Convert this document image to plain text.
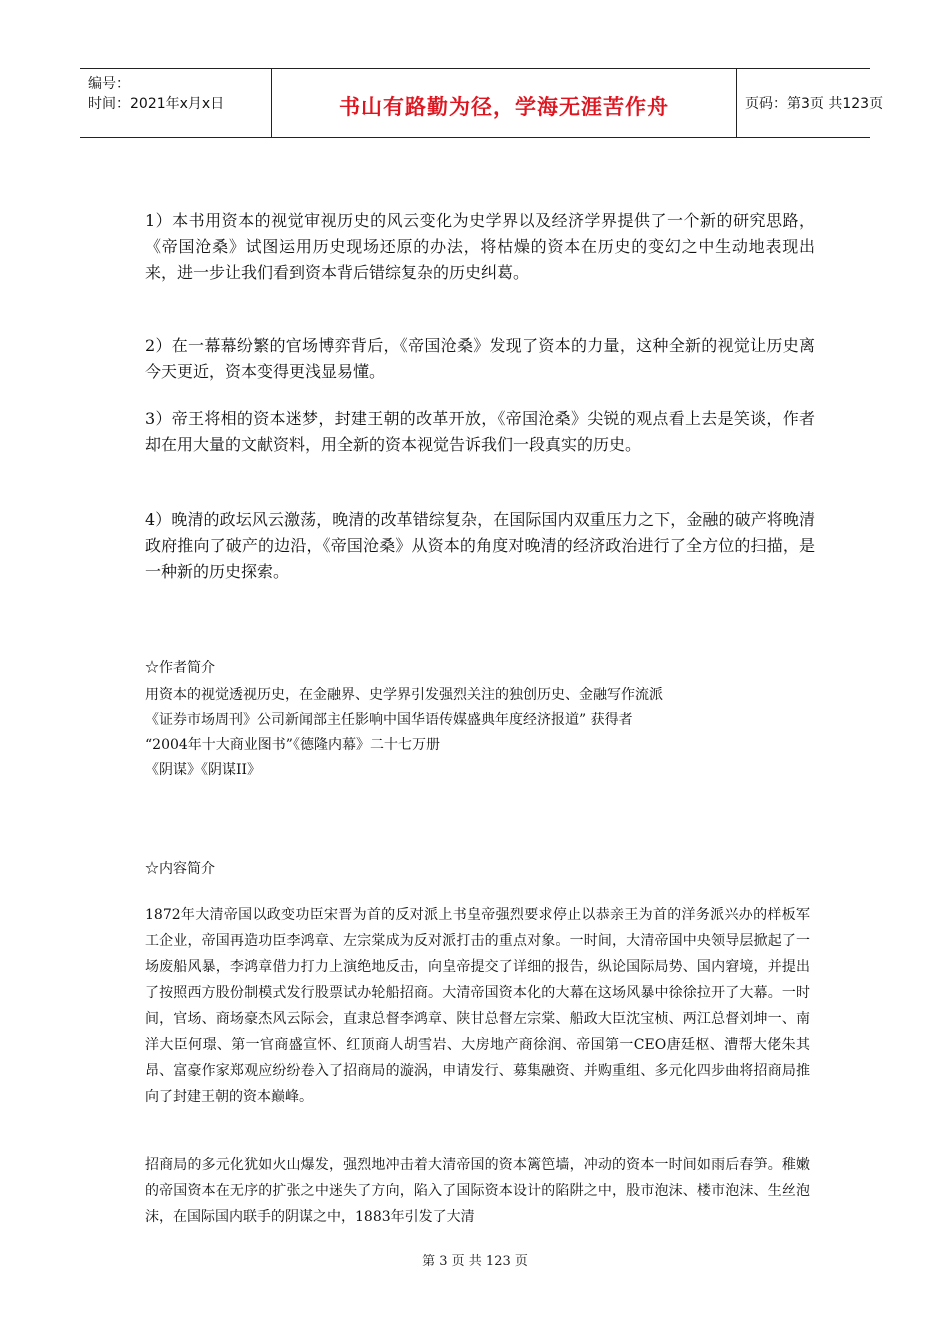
编号：
时间：2021年x月x日	书山有路勤为径，学海无涯苦作舟	页码：第3页 共123页

1）本书用资本的视觉审视历史的风云变化为史学界以及经济学界提供了一个新的研究思路，《帝国沧桑》试图运用历史现场还原的办法，将枯燥的资本在历史的变幻之中生动地表现出来，进一步让我们看到资本背后错综复杂的历史纠葛。

2）在一幕幕纷繁的官场博弈背后，《帝国沧桑》发现了资本的力量，这种全新的视觉让历史离今天更近，资本变得更浅显易懂。

3）帝王将相的资本迷梦，封建王朝的改革开放，《帝国沧桑》尖锐的观点看上去是笑谈，作者却在用大量的文献资料，用全新的资本视觉告诉我们一段真实的历史。

4）晚清的政坛风云激荡，晚清的改革错综复杂，在国际国内双重压力之下，金融的破产将晚清政府推向了破产的边沿，《帝国沧桑》从资本的角度对晚清的经济政治进行了全方位的扫描，是一种新的历史探索。

☆作者简介

用资本的视觉透视历史，在金融界、史学界引发强烈关注的独创历史、金融写作流派

《证券市场周刊》公司新闻部主任影响中国华语传媒盛典年度经济报道” 获得者

“2004年十大商业图书”《德隆内幕》二十七万册

《阴谋》《阴谋II》

☆内容简介

1872年大清帝国以政变功臣宋晋为首的反对派上书皇帝强烈要求停止以恭亲王为首的洋务派兴办的样板军工企业，帝国再造功臣李鸿章、左宗棠成为反对派打击的重点对象。一时间，大清帝国中央领导层掀起了一场废船风暴，李鸿章借力打力上演绝地反击，向皇帝提交了详细的报告，纵论国际局势、国内窘境，并提出了按照西方股份制模式发行股票试办轮船招商。大清帝国资本化的大幕在这场风暴中徐徐拉开了大幕。一时间，官场、商场豪杰风云际会，直隶总督李鸿章、陕甘总督左宗棠、船政大臣沈宝桢、两江总督刘坤一、南洋大臣何璟、第一官商盛宣怀、红顶商人胡雪岩、大房地产商徐润、帝国第一CEO唐廷枢、漕帮大佬朱其昂、富豪作家郑观应纷纷卷入了招商局的漩涡，申请发行、募集融资、并购重组、多元化四步曲将招商局推向了封建王朝的资本巅峰。

招商局的多元化犹如火山爆发，强烈地冲击着大清帝国的资本篱笆墙，冲动的资本一时间如雨后春笋。稚嫩的帝国资本在无序的扩张之中迷失了方向，陷入了国际资本设计的陷阱之中，股市泡沫、楼市泡沫、生丝泡沫，在国际国内联手的阴谋之中，1883年引发了大清

第 3 页 共 123 页
